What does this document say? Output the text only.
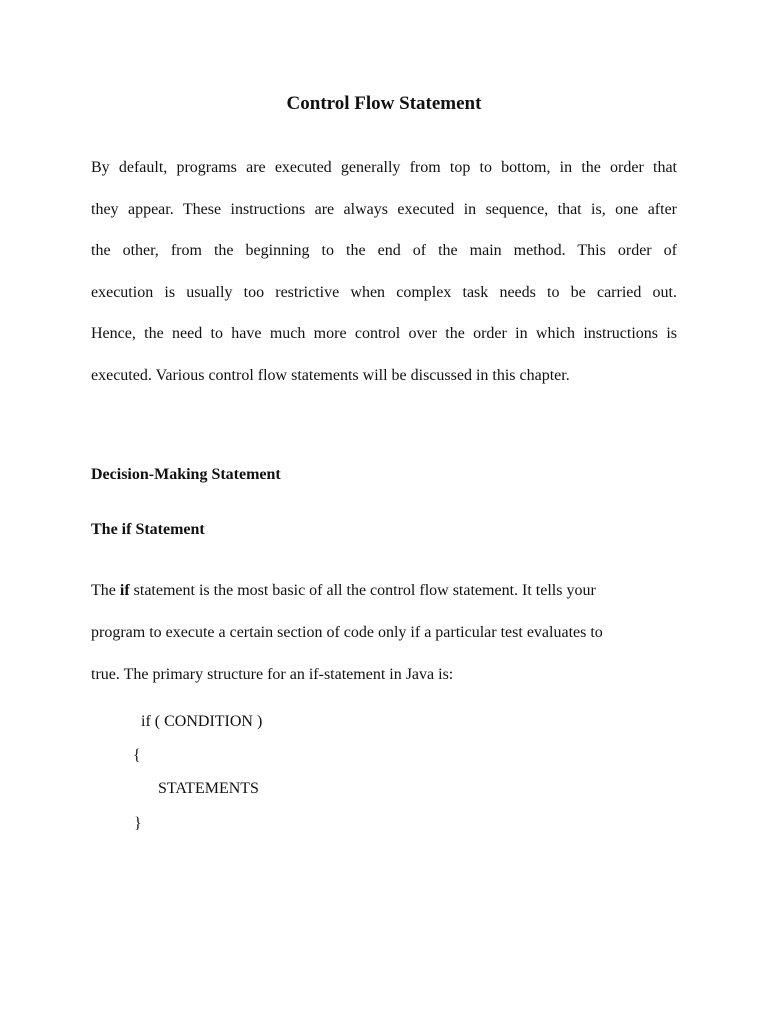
Control Flow Statement
By default, programs are executed generally from top to bottom, in the order that
they appear. These instructions are always executed in sequence, that is, one after
the other, from the beginning to the end of the main method. This order of
execution is usually too restrictive when complex task needs to be carried out.
Hence, the need to have much more control over the order in which instructions is
executed. Various control flow statements will be discussed in this chapter.
Decision-Making Statement
The if Statement
The if statement is the most basic of all the control flow statement. It tells your
program to execute a certain section of code only if a particular test evaluates to
true. The primary structure for an if-statement in Java is:
if ( CONDITION )
{
STATEMENTS
}
